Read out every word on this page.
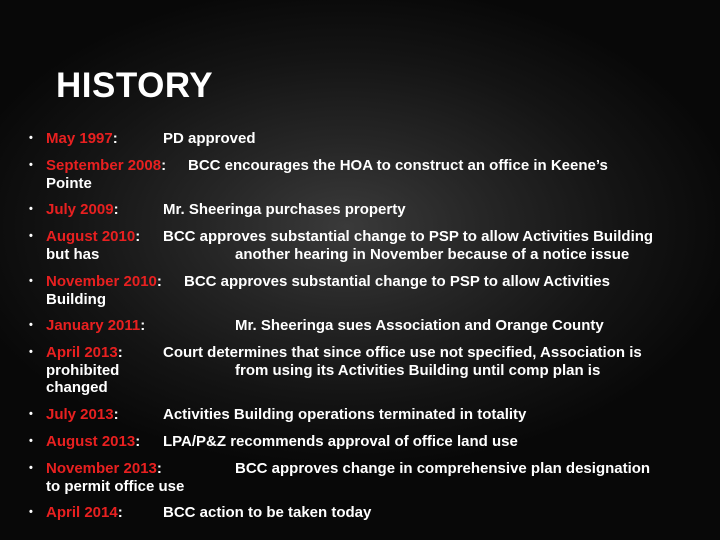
HISTORY
• May 1997:	PD approved
• September 2008: BCC encourages the HOA to construct an office in Keene’s
Pointe
• July 2009:	Mr. Sheeringa purchases property
• August 2010: BCC approves substantial change to PSP to allow Activities Building
but has	another hearing in November because of a notice issue
• November 2010: BCC approves substantial change to PSP to allow Activities
Building
• January 2011:	Mr. Sheeringa sues Association and Orange County
• April 2013:	Court determines that since office use not specified, Association is
prohibited	from using its Activities Building until comp plan is
changed
• July 2013:	Activities Building operations terminated in totality
• August 2013: LPA/P&Z recommends approval of office land use
• November 2013:	BCC approves change in comprehensive plan designation
to permit office use
• April 2014:	BCC action to be taken today
